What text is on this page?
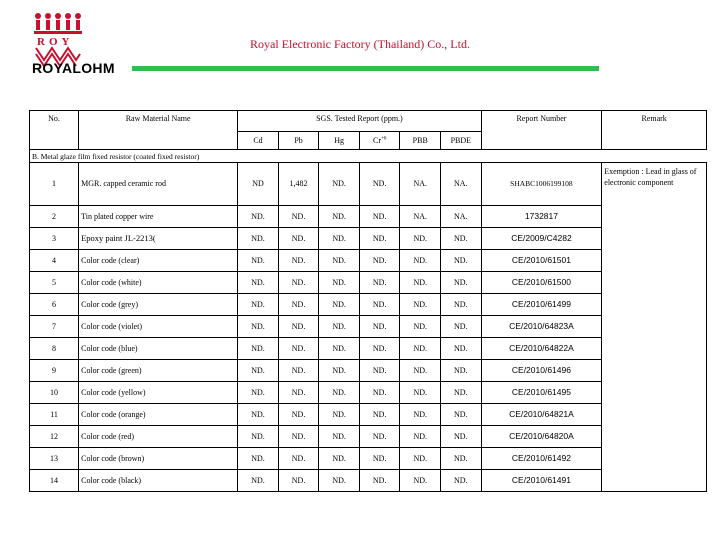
ROY
ROYALOHM
Royal Electronic Factory (Thailand) Co., Ltd.
No.	Raw Material Name	SGS. Tested Report (ppm.)						Report Number	Remark
		Cd	Pb	Hg	$Cr^{+6}$	PBB	PBDE		
B. Metal glaze film fixed resistor (coated fixed resistor)									
1	MGR. capped ceramic rod	ND	1,482	ND.	ND.	NA.	NA.	SHABC1006199108	Exemption : Lead in glass of electronic component
2	Tin plated copper wire	ND.	ND.	ND.	ND.	NA.	NA.	1732817	
3	Epoxy paint JL-2213(	ND.	ND.	ND.	ND.	ND.	ND.	CE/2009/C4282	
4	Color code (clear)	ND.	ND.	ND.	ND.	ND.	ND.	CE/2010/61501	
5	Color code (white)	ND.	ND.	ND.	ND.	ND.	ND.	CE/2010/61500	
6	Color code (grey)	ND.	ND.	ND.	ND.	ND.	ND.	CE/2010/61499	
7	Color code (violet)	ND.	ND.	ND.	ND.	ND.	ND.	CE/2010/64823A	
8	Color code (blue)	ND.	ND.	ND.	ND.	ND.	ND.	CE/2010/64822A	
9	Color code (green)	ND.	ND.	ND.	ND.	ND.	ND.	CE/2010/61496	
10	Color code (yellow)	ND.	ND.	ND.	ND.	ND.	ND.	CE/2010/61495	
11	Color code (orange)	ND.	ND.	ND.	ND.	ND.	ND.	CE/2010/64821A	
12	Color code (red)	ND.	ND.	ND.	ND.	ND.	ND.	CE/2010/64820A	
13	Color code (brown)	ND.	ND.	ND.	ND.	ND.	ND.	CE/2010/61492	
14	Color code (black)	ND.	ND.	ND.	ND.	ND.	ND.	CE/2010/61491	
